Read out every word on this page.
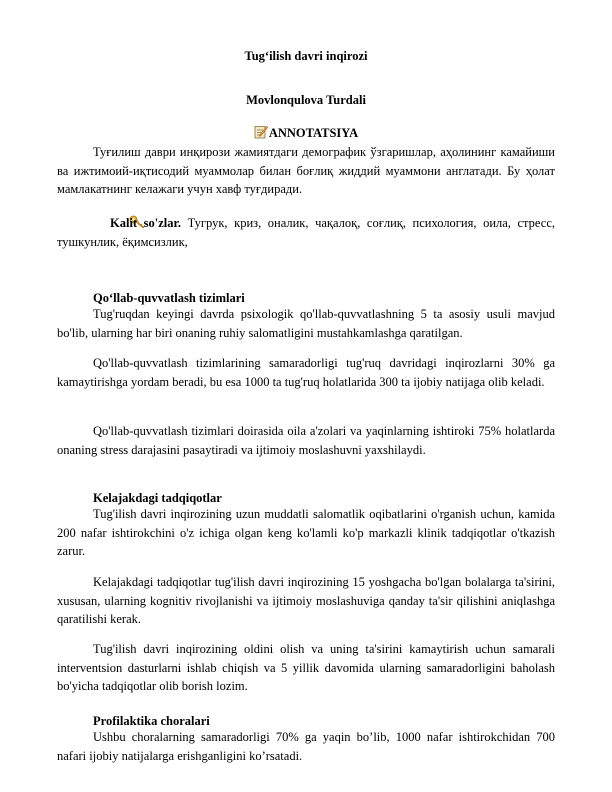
Tug‘ilish davri inqirozi
Movlonqulova Turdali
ANNOTATSIYA

Туғилиш даври инқирози жамиятдаги демографик ўзгаришлар, аҳолининг камайиши ва ижтимоий-иқтисодий муаммолар билан боғлиқ жиддий муаммони англатади. Бу ҳолат мамлакатнинг келажаги учун хавф туғдиради.

Kalit so'zlar. Тугрук, криз, оналик, чақалоқ, соғлиқ, психология, оила, стресс, тушкунлик, ёқимсизлик,

Qo‘llab-quvvatlash tizimlari

Tug'ruqdan keyingi davrda psixologik qo'llab-quvvatlashning 5 ta asosiy usuli mavjud bo'lib, ularning har biri onaning ruhiy salomatligini mustahkamlashga qaratilgan.

Qo'llab-quvvatlash tizimlarining samaradorligi tug'ruq davridagi inqirozlarni 30% ga kamaytirishga yordam beradi, bu esa 1000 ta tug'ruq holatlarida 300 ta ijobiy natijaga olib keladi.

Qo'llab-quvvatlash tizimlari doirasida oila a'zolari va yaqinlarning ishtiroki 75% holatlarda onaning stress darajasini pasaytiradi va ijtimoiy moslashuvni yaxshilaydi.

Kelajakdagi tadqiqotlar

Tug'ilish davri inqirozining uzun muddatli salomatlik oqibatlarini o'rganish uchun, kamida 200 nafar ishtirokchini o'z ichiga olgan keng ko'lamli ko'p markazli klinik tadqiqotlar o'tkazish zarur.

Kelajakdagi tadqiqotlar tug'ilish davri inqirozining 15 yoshgacha bo'lgan bolalarga ta'sirini, xususan, ularning kognitiv rivojlanishi va ijtimoiy moslashuviga qanday ta'sir qilishini aniqlashga qaratilishi kerak.

Tug'ilish davri inqirozining oldini olish va uning ta'sirini kamaytirish uchun samarali interventsion dasturlarni ishlab chiqish va 5 yillik davomida ularning samaradorligini baholash bo'yicha tadqiqotlar olib borish lozim.

Profilaktika choralari

Ushbu choralarning samaradorligi 70% ga yaqin bo’lib, 1000 nafar ishtirokchidan 700 nafari ijobiy natijalarga erishganligini ko’rsatadi.
